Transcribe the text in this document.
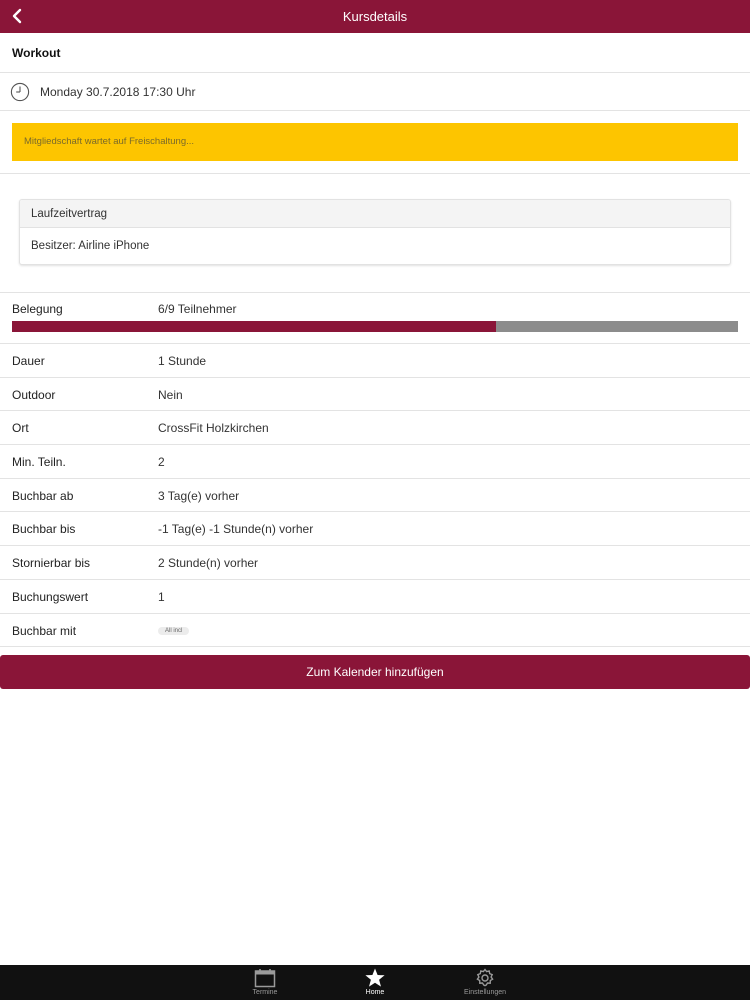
Kursdetails
Workout
Monday 30.7.2018 17:30 Uhr
Mitgliedschaft wartet auf Freischaltung...
Laufzeitvertrag
Besitzer: Airline iPhone
Belegung	6/9 Teilnehmer
Dauer	1 Stunde
Outdoor	Nein
Ort	CrossFit Holzkirchen
Min. Teiln.	2
Buchbar ab	3 Tag(e) vorher
Buchbar bis	-1 Tag(e) -1 Stunde(n) vorher
Stornierbar bis	2 Stunde(n) vorher
Buchungswert	1
Buchbar mit	All incl
Zum Kalender hinzufügen
Termine	Home	Einstellungen
